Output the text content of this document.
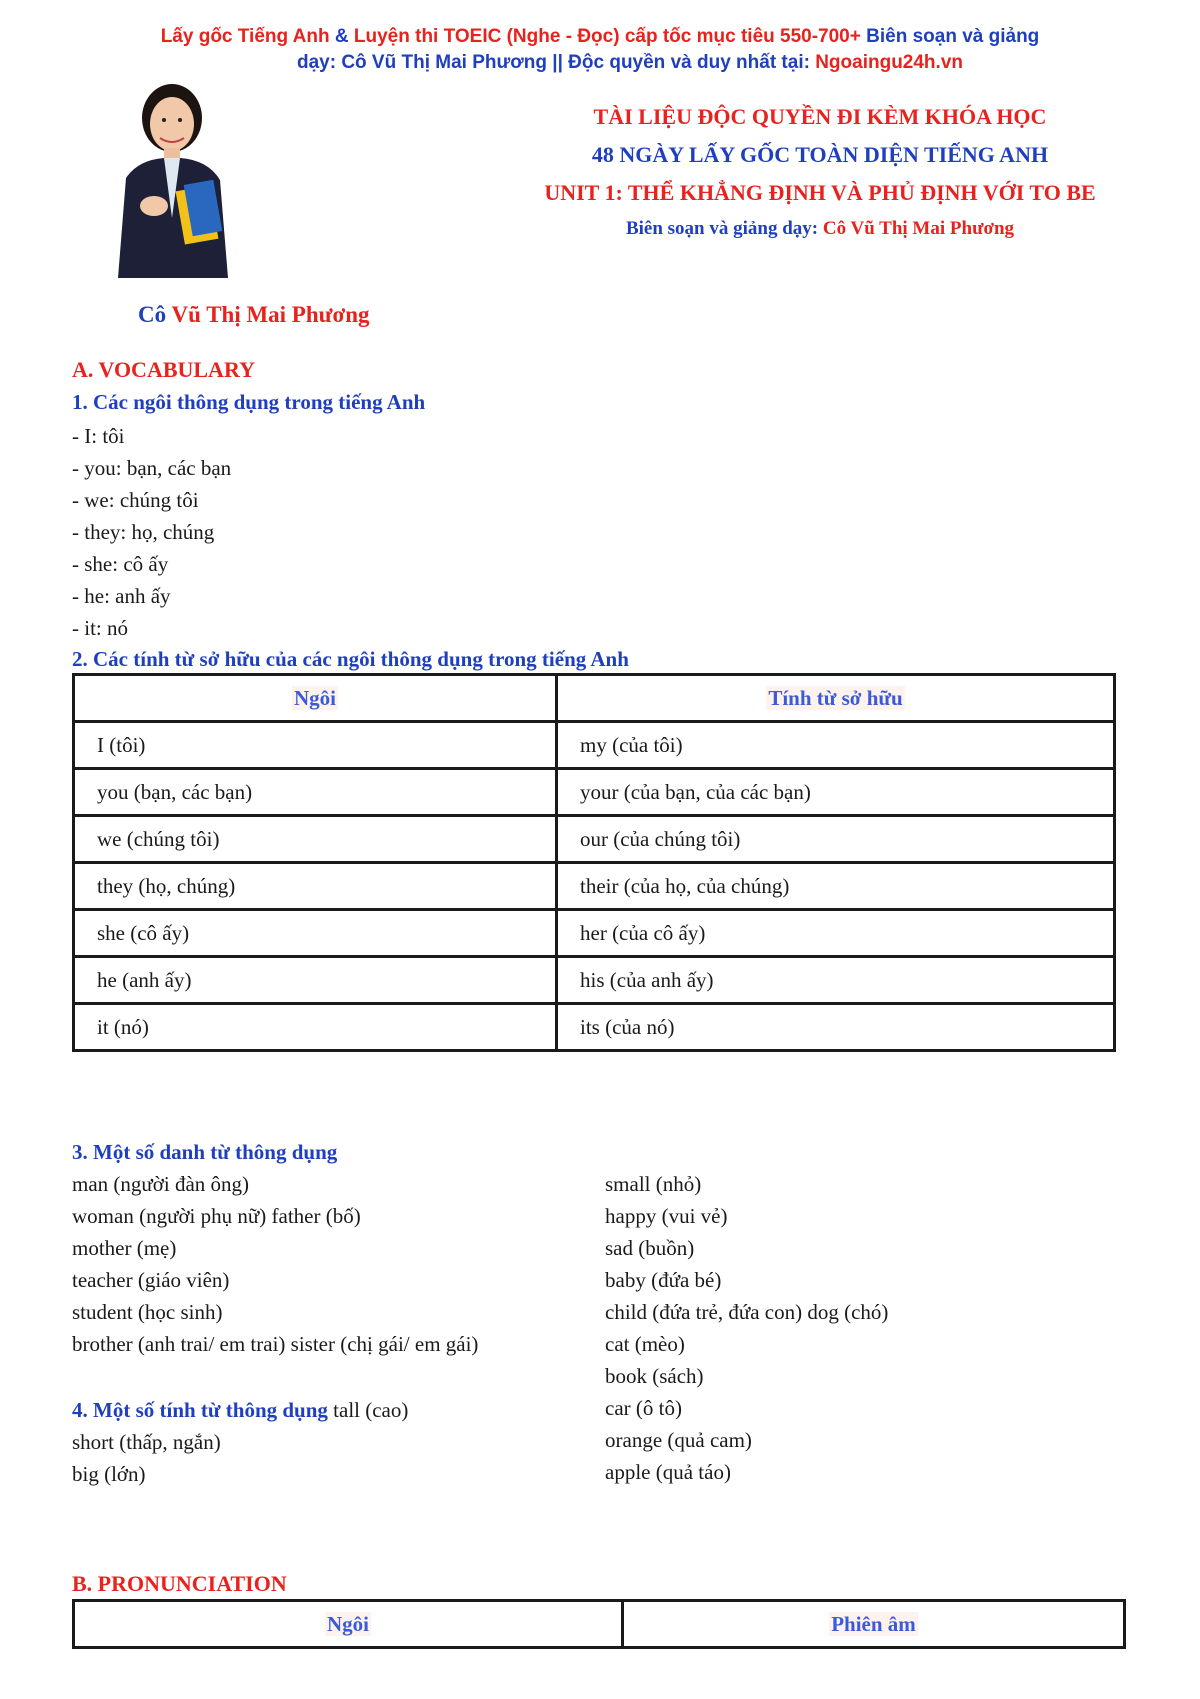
Lấy gốc Tiếng Anh & Luyện thi TOEIC (Nghe - Đọc) cấp tốc mục tiêu 550-700+ Biên soạn và giảng
dạy: Cô Vũ Thị Mai Phương || Độc quyền và duy nhất tại: Ngoaingu24h.vn
TÀI LIỆU ĐỘC QUYỀN ĐI KÈM KHÓA HỌC
48 NGÀY LẤY GỐC TOÀN DIỆN TIẾNG ANH
UNIT 1: THỂ KHẲNG ĐỊNH VÀ PHỦ ĐỊNH VỚI TO BE
Biên soạn và giảng dạy: Cô Vũ Thị Mai Phương
Cô Vũ Thị Mai Phương
A. VOCABULARY
1. Các ngôi thông dụng trong tiếng Anh
- I: tôi
- you: bạn, các bạn
- we: chúng tôi
- they: họ, chúng
- she: cô ấy
- he: anh ấy
- it: nó
2. Các tính từ sở hữu của các ngôi thông dụng trong tiếng Anh
Ngôi	Tính từ sở hữu
I (tôi)	my (của tôi)
you (bạn, các bạn)	your (của bạn, của các bạn)
we (chúng tôi)	our (của chúng tôi)
they (họ, chúng)	their (của họ, của chúng)
she (cô ấy)	her (của cô ấy)
he (anh ấy)	his (của anh ấy)
it (nó)	its (của nó)
3. Một số danh từ thông dụng
man (người đàn ông)
woman (người phụ nữ) father (bố)
mother (mẹ)
teacher (giáo viên)
student (học sinh)
brother (anh trai/ em trai) sister (chị gái/ em gái)
4. Một số tính từ thông dụng tall (cao)
short (thấp, ngắn)
big (lớn)
small (nhỏ)
happy (vui vẻ)
sad (buồn)
baby (đứa bé)
child (đứa trẻ, đứa con) dog (chó)
cat (mèo)
book (sách)
car (ô tô)
orange (quả cam)
apple (quả táo)
B. PRONUNCIATION
Ngôi	Phiên âm
